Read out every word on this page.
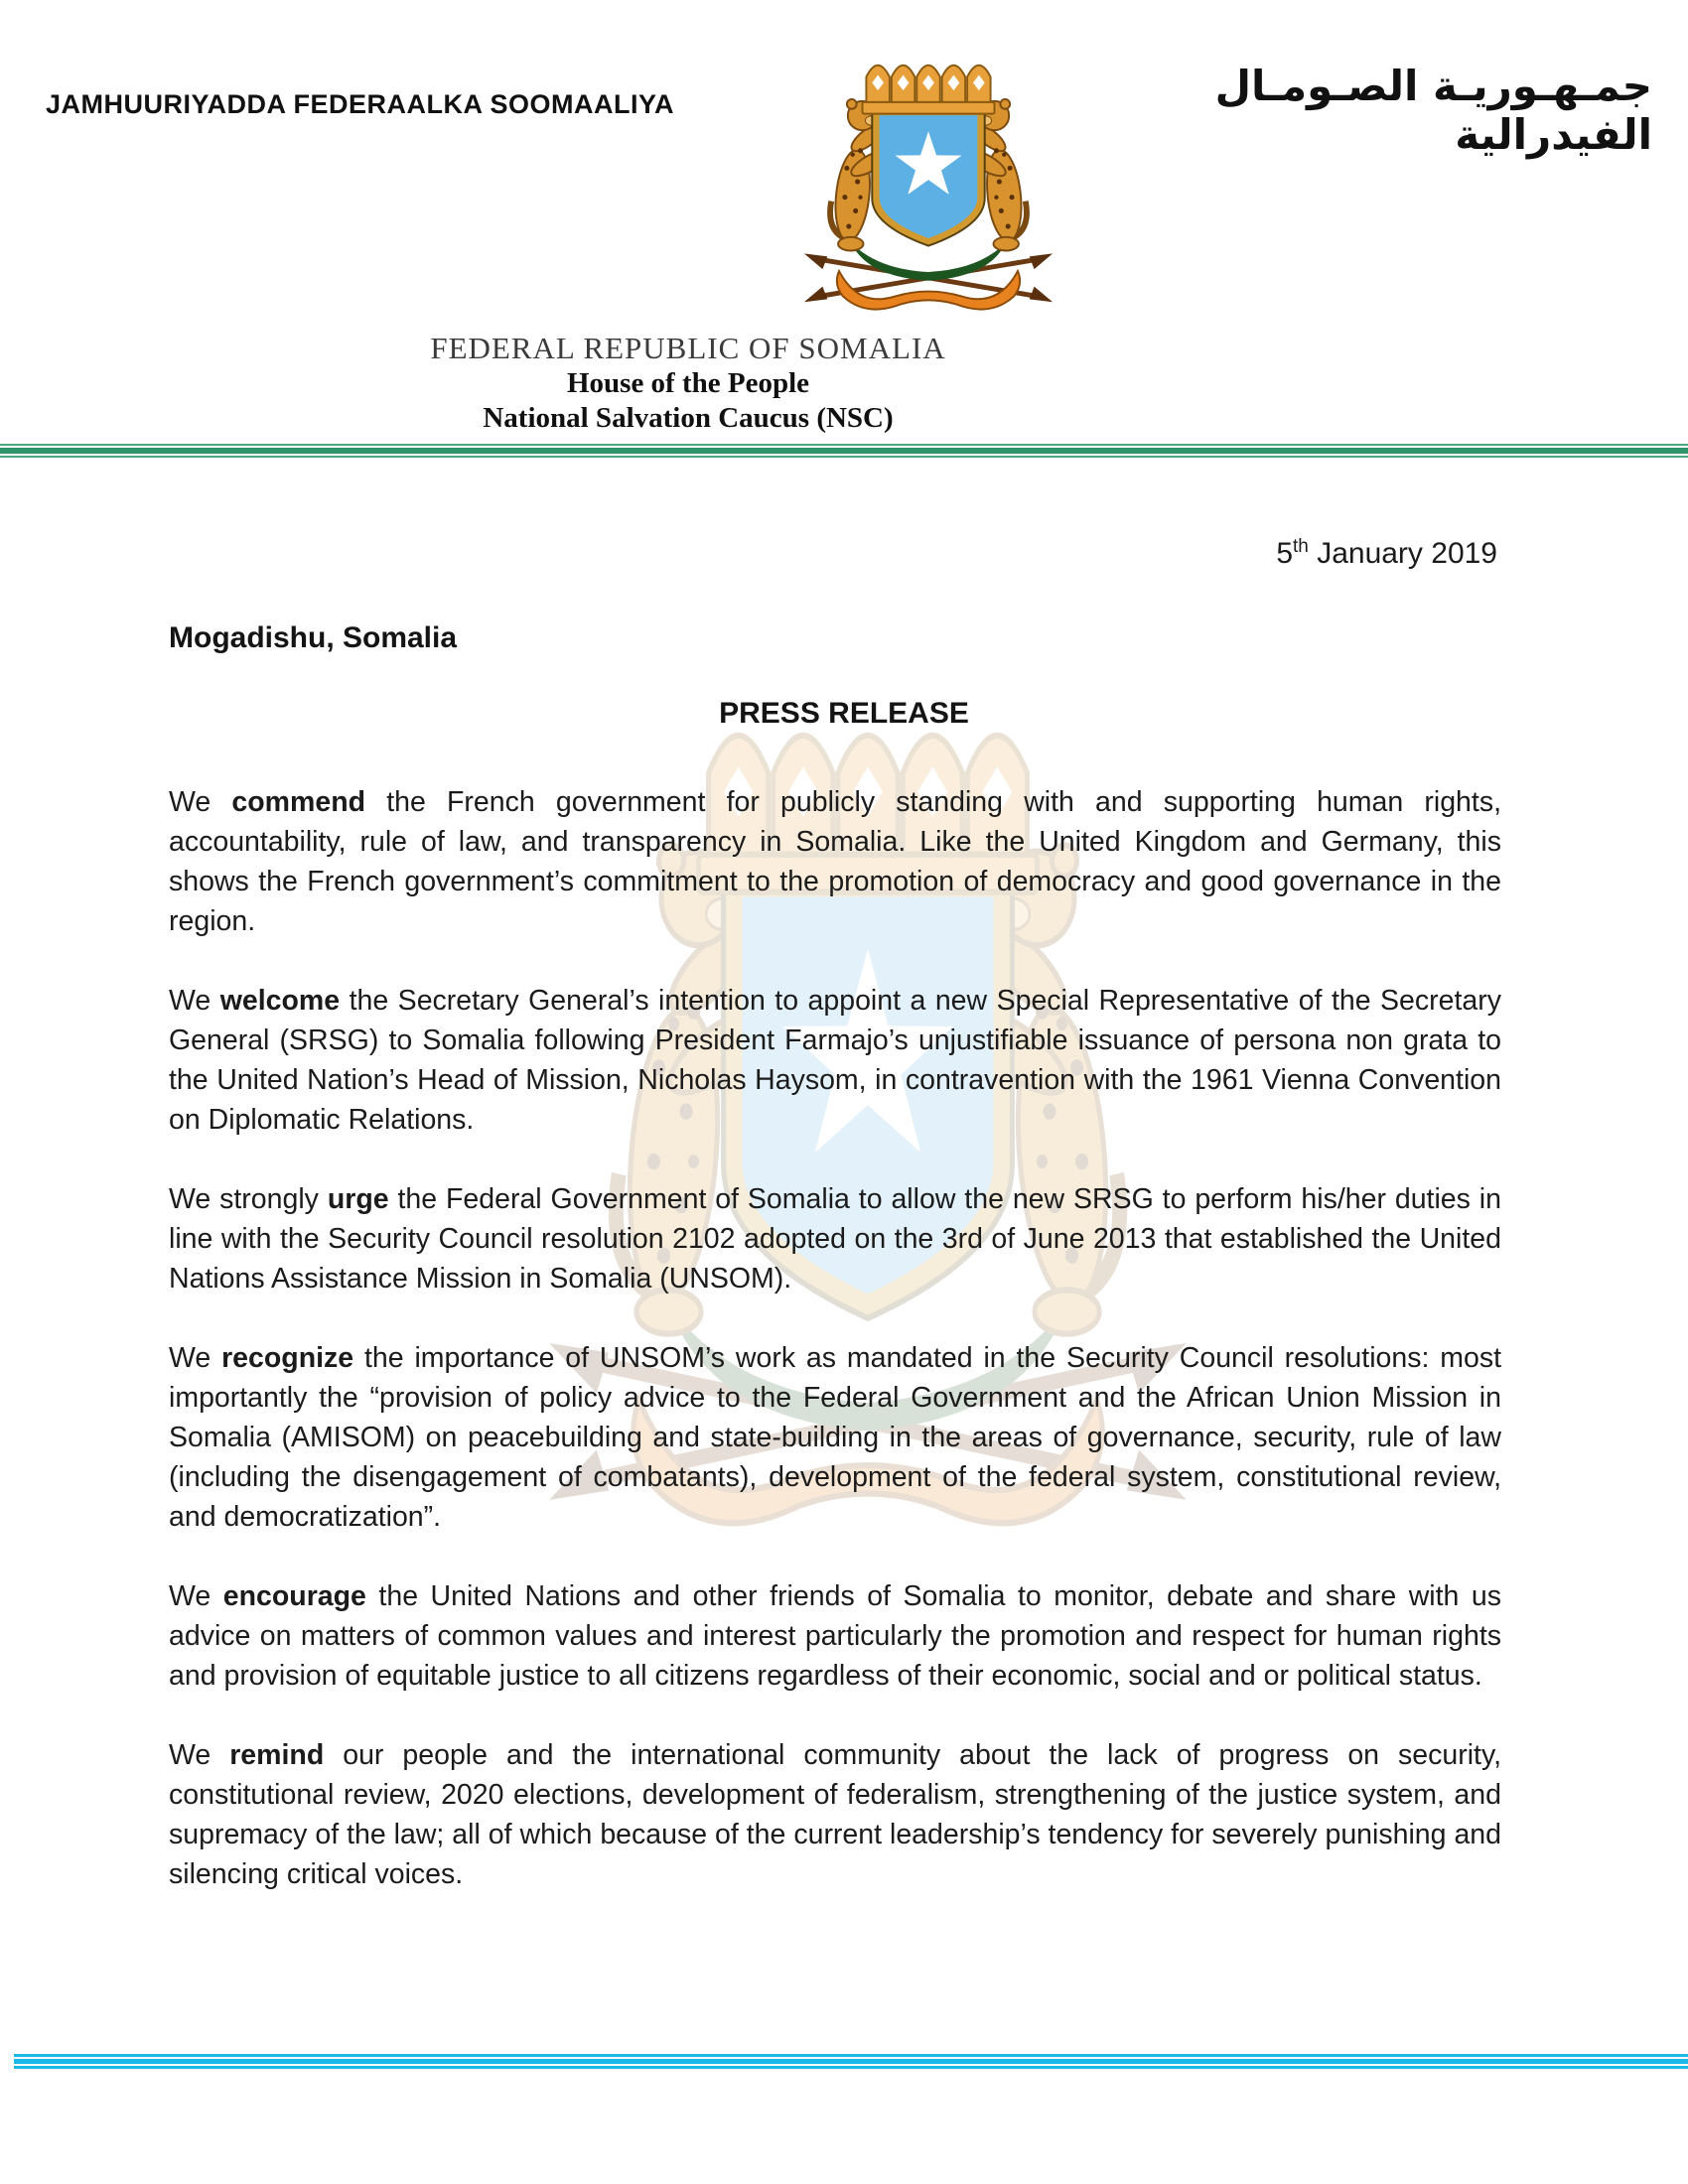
JAMHUURIYADDA FEDERAALKA SOOMAALIYA	جمـهـوريـة الصـومـال الفيدرالية
FEDERAL REPUBLIC OF SOMALIA
House of the People
National Salvation Caucus (NSC)
5th January 2019
Mogadishu, Somalia
PRESS RELEASE

We commend the French government for publicly standing with and supporting human rights, accountability, rule of law, and transparency in Somalia. Like the United Kingdom and Germany, this shows the French government’s commitment to the promotion of democracy and good governance in the region.

We welcome the Secretary General’s intention to appoint a new Special Representative of the Secretary General (SRSG) to Somalia following President Farmajo’s unjustifiable issuance of persona non grata to the United Nation’s Head of Mission, Nicholas Haysom, in contravention with the 1961 Vienna Convention on Diplomatic Relations.

We strongly urge the Federal Government of Somalia to allow the new SRSG to perform his/her duties in line with the Security Council resolution 2102 adopted on the 3rd of June 2013 that established the United Nations Assistance Mission in Somalia (UNSOM).

We recognize the importance of UNSOM’s work as mandated in the Security Council resolutions: most importantly the “provision of policy advice to the Federal Government and the African Union Mission in Somalia (AMISOM) on peacebuilding and state-building in the areas of governance, security, rule of law (including the disengagement of combatants), development of the federal system, constitutional review, and democratization”.

We encourage the United Nations and other friends of Somalia to monitor, debate and share with us advice on matters of common values and interest particularly the promotion and respect for human rights and provision of equitable justice to all citizens regardless of their economic, social and or political status.

We remind our people and the international community about the lack of progress on security, constitutional review, 2020 elections, development of federalism, strengthening of the justice system, and supremacy of the law; all of which because of the current leadership’s tendency for severely punishing and silencing critical voices.
